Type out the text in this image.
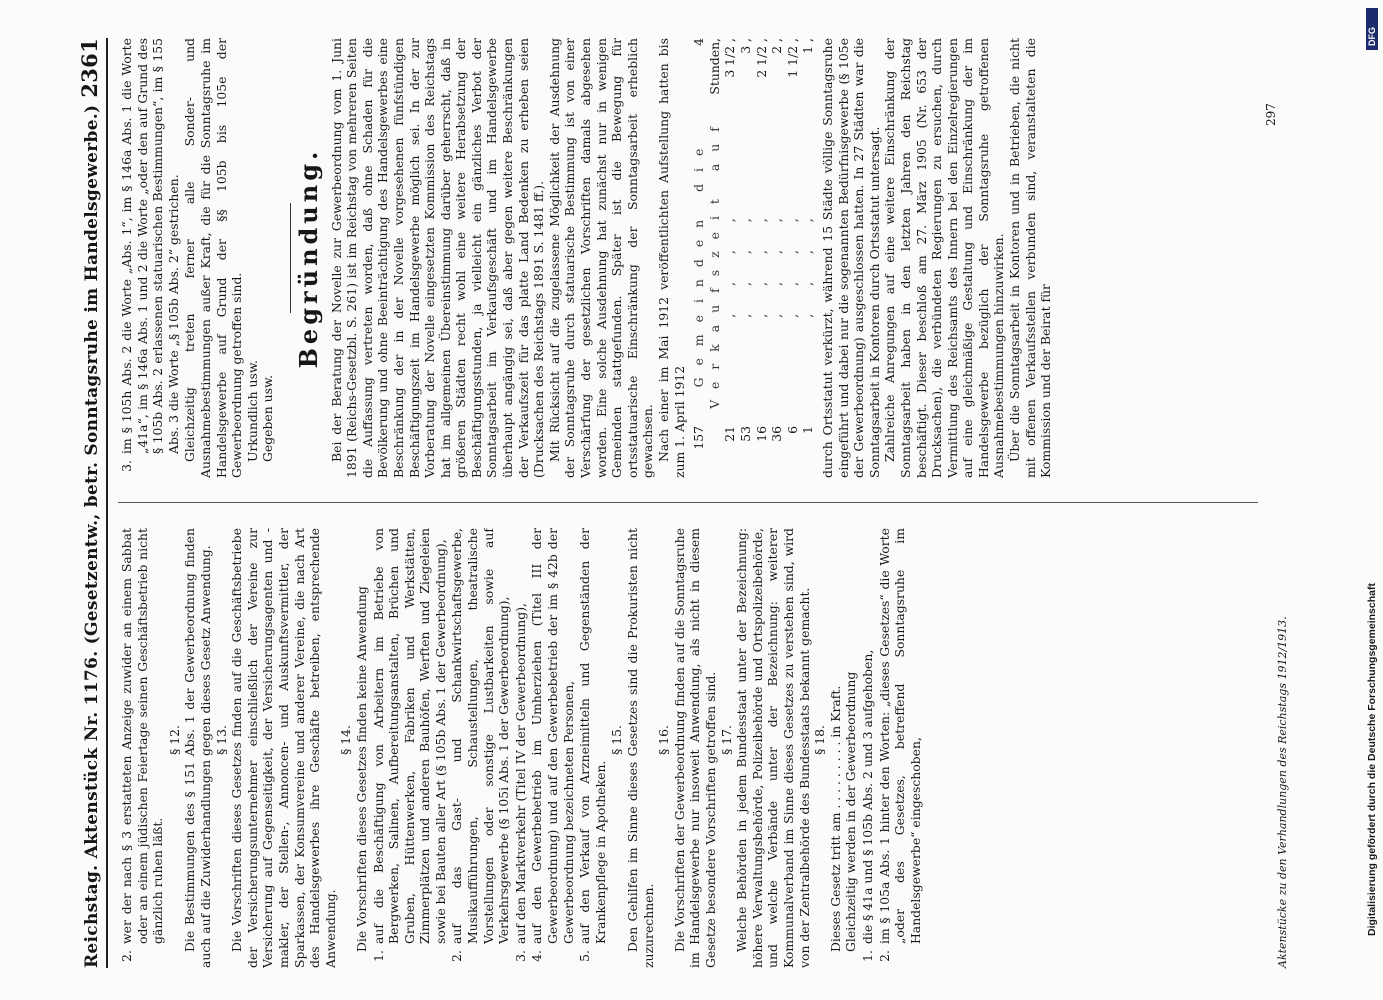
Reichstag. Aktenstück Nr. 1176. (Gesetzentw., betr. Sonntagsruhe im Handelsgewerbe.)
2361
2.
wer der nach § 3 erstatteten Anzeige zuwider an einem Sabbat oder an einem jüdischen Feiertage seinen Geschäftsbetrieb nicht gänzlich ruhen läßt.

§ 12. Die Bestimmungen des § 151 Abs. 1 der Gewerbeordnung finden auch auf die Zuwiderhandlungen gegen dieses Gesetz Anwendung. § 13. Die Vorschriften dieses Gesetzes finden auf die Geschäftsbetriebe der Versicherungsunternehmer einschließlich der Vereine zur Versicherung auf Gegenseitigkeit, der Versicherungsagenten und -makler, der Stellen-, Annoncen- und Auskunftsvermittler, der Sparkassen, der Konsumvereine und anderer Vereine, die nach Art des Handelsgewerbes ihre Geschäfte betreiben, entsprechende Anwendung.

§ 14. Die Vorschriften dieses Gesetzes finden keine Anwendung

1.
auf die Beschäftigung von Arbeitern im Betriebe von Bergwerken, Salinen, Aufbereitungsanstalten, Brüchen und Gruben, Hüttenwerken, Fabriken und Werkstätten, Zimmerplätzen und anderen Bauhöfen, Werften und Ziegeleien sowie bei Bauten aller Art (§ 105b Abs. 1 der Gewerbeordnung),
2.
auf das Gast- und Schankwirtschaftsgewerbe, Musikaufführungen, Schaustellungen, theatralische Vorstellungen oder sonstige Lustbarkeiten sowie auf Verkehrsgewerbe (§ 105i Abs. 1 der Gewerbeordnung),
3.
auf den Marktverkehr (Titel IV der Gewerbeordnung),
4.
auf den Gewerbebetrieb im Umherziehen (Titel III der Gewerbeordnung) und auf den Gewerbebetrieb der im § 42b der Gewerbeordnung bezeichneten Personen,
5.
auf den Verkauf von Arzneimitteln und Gegenständen der Krankenpflege in Apotheken.

§ 15. Den Gehilfen im Sinne dieses Gesetzes sind die Prokuristen nicht zuzurechnen.

§ 16. Die Vorschriften der Gewerbeordnung finden auf die Sonntagsruhe im Handelsgewerbe nur insoweit Anwendung, als nicht in diesem Gesetze besondere Vorschriften getroffen sind. § 17. Welche Behörden in jedem Bundesstaat unter der Bezeichnung: höhere Verwaltungsbehörde, Polizeibehörde und Ortspolizeibehörde, und welche Verbände unter der Bezeichnung: weiterer Kommunalverband im Sinne dieses Gesetzes zu verstehen sind, wird von der Zentralbehörde des Bundesstaats bekannt gemacht. § 18. Dieses Gesetz tritt am . . . . . . . . . in Kraft. Gleichzeitig werden in der Gewerbeordnung

1.
die § 41a und § 105b Abs. 2 und 3 aufgehoben,
2.
im § 105a Abs. 1 hinter den Worten: „dieses Gesetzes“ die Worte „oder des Gesetzes, betreffend Sonntagsruhe im Handelsgewerbe“ eingeschoben,
3.
im § 105h Abs. 2 die Worte „Abs. 1“, im § 146a Abs. 1 die Worte „41a“, im § 146a Abs. 1 und 2 die Worte „oder den auf Grund des § 105b Abs. 2 erlassenen statuarischen Bestimmungen“, im § 155 Abs. 3 die Worte „§ 105b Abs. 2“ gestrichen. Gleichzeitig treten ferner alle Sonder- und Ausnahmebestimmungen außer Kraft, die für die Sonntagsruhe im Handelsgewerbe auf Grund der §§ 105b bis 105e der Gewerbeordnung getroffen sind. Urkundlich usw. Gegeben usw.

Begründung. Bei der Beratung der Novelle zur Gewerbeordnung vom 1. Juni 1891 (Reichs-Gesetzbl. S. 261) ist im Reichstag von mehreren Seiten die Auffassung vertreten worden, daß ohne Schaden für die Bevölkerung und ohne Beeinträchtigung des Handelsgewerbes eine Beschränkung der in der Novelle vorgesehenen fünfstündigen Beschäftigungszeit im Handelsgewerbe möglich sei. In der zur Vorberatung der Novelle eingesetzten Kommission des Reichstags hat im allgemeinen Übereinstimmung darüber geherrscht, daß in größeren Städten recht wohl eine weitere Herabsetzung der Beschäftigungsstunden, ja vielleicht ein gänzliches Verbot der Sonntagsarbeit im Verkaufsgeschäft und im Handelsgewerbe überhaupt angängig sei, daß aber gegen weitere Beschränkungen der Verkaufszeit für das platte Land Bedenken zu erheben seien (Drucksachen des Reichstags 1891 S. 1481 ff.). Mit Rücksicht auf die zugelassene Möglichkeit der Ausdehnung der Sonntagsruhe durch statuarische Bestimmung ist von einer Verschärfung der gesetzlichen Vorschriften damals abgesehen worden. Eine solche Ausdehnung hat zunächst nur in wenigen Gemeinden stattgefunden. Später ist die Bewegung für ortsstatuarische Einschränkung der Sonntagsarbeit erheblich gewachsen. Nach einer im Mai 1912 veröffentlichten Aufstellung hatten bis zum 1. April 1912 157
Gemeinden die Verkaufszeit auf
4 Stunden,
21
, , , ,
3 1/2 ,
53
, , , ,
3 ,
16
, , , ,
2 1/2 ,
36
, , , ,
2 ,
6
, , , ,
1 1/2 ,
1
, , , ,
1 , durch Ortsstatut verkürzt, während 15 Städte völlige Sonntagsruhe eingeführt und dabei nur die sogenannten Bedürfnisgewerbe (§ 105e der Gewerbeordnung) ausgeschlossen hatten. In 27 Städten war die Sonntagsarbeit in Kontoren durch Ortsstatut untersagt. Zahlreiche Anregungen auf eine weitere Einschränkung der Sonntagsarbeit haben in den letzten Jahren den Reichstag beschäftigt. Dieser beschloß am 27. März 1905 (Nr. 653 der Drucksachen), die verbündeten Regierungen zu ersuchen, durch Vermittlung des Reichsamts des Innern bei den Einzelregierungen auf eine gleichmäßige Gestaltung und Einschränkung der im Handelsgewerbe bezüglich der Sonntagsruhe getroffenen Ausnahmebestimmungen hinzuwirken. Über die Sonntagsarbeit in Kontoren und in Betrieben, die nicht mit offenen Verkaufsstellen verbunden sind, veranstalteten die Kommission und der Beirat für

Aktenstücke zu den Verhandlungen des Reichstags 1912/1913.
297
Digitalisierung gefördert durch die Deutsche Forschungsgemeinschaft
DFG
